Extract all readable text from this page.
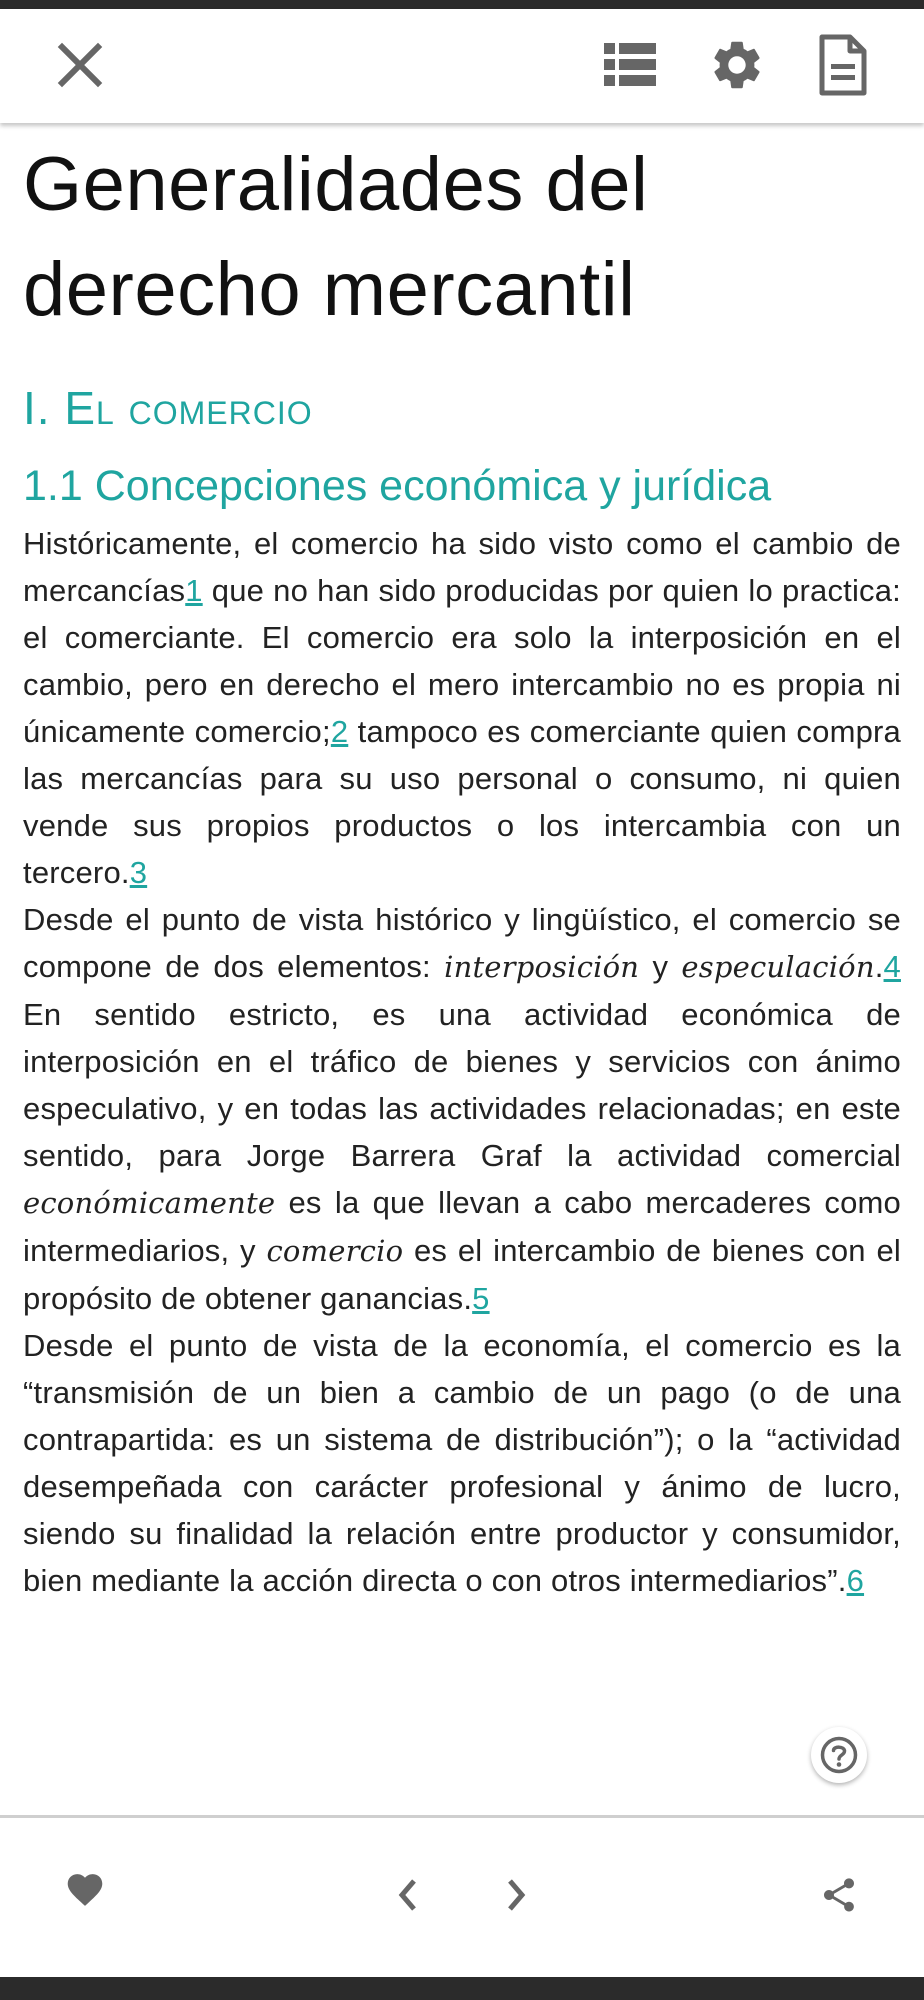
Generalidades del
derecho mercantil
I. El comercio
1.1 Concepciones económica y jurídica

Históricamente, el comercio ha sido visto como el cambio de mercancías1 que no han sido producidas por quien lo practica: el comerciante. El comercio era solo la interposición en el cambio, pero en derecho el mero intercambio no es propia ni únicamente comercio;2 tampoco es comerciante quien compra las mercancías para su uso personal o consumo, ni quien vende sus propios productos o los intercambia con un tercero.3

Desde el punto de vista histórico y lingüístico, el comercio se compone de dos elementos: interposición y especulación.4 En sentido estricto, es una actividad económica de interposición en el tráfico de bienes y servicios con ánimo especulativo, y en todas las actividades relacionadas; en este sentido, para Jorge Barrera Graf la actividad comercial económicamente es la que llevan a cabo mercaderes como intermediarios, y comercio es el intercambio de bienes con el propósito de obtener ganancias.5

Desde el punto de vista de la economía, el comercio es la “transmisión de un bien a cambio de un pago (o de una contrapartida: es un sistema de distribución”); o la “actividad desempeñada con carácter profesional y ánimo de lucro, siendo su finalidad la relación entre productor y consumidor, bien mediante la acción directa o con otros intermediarios”.6
